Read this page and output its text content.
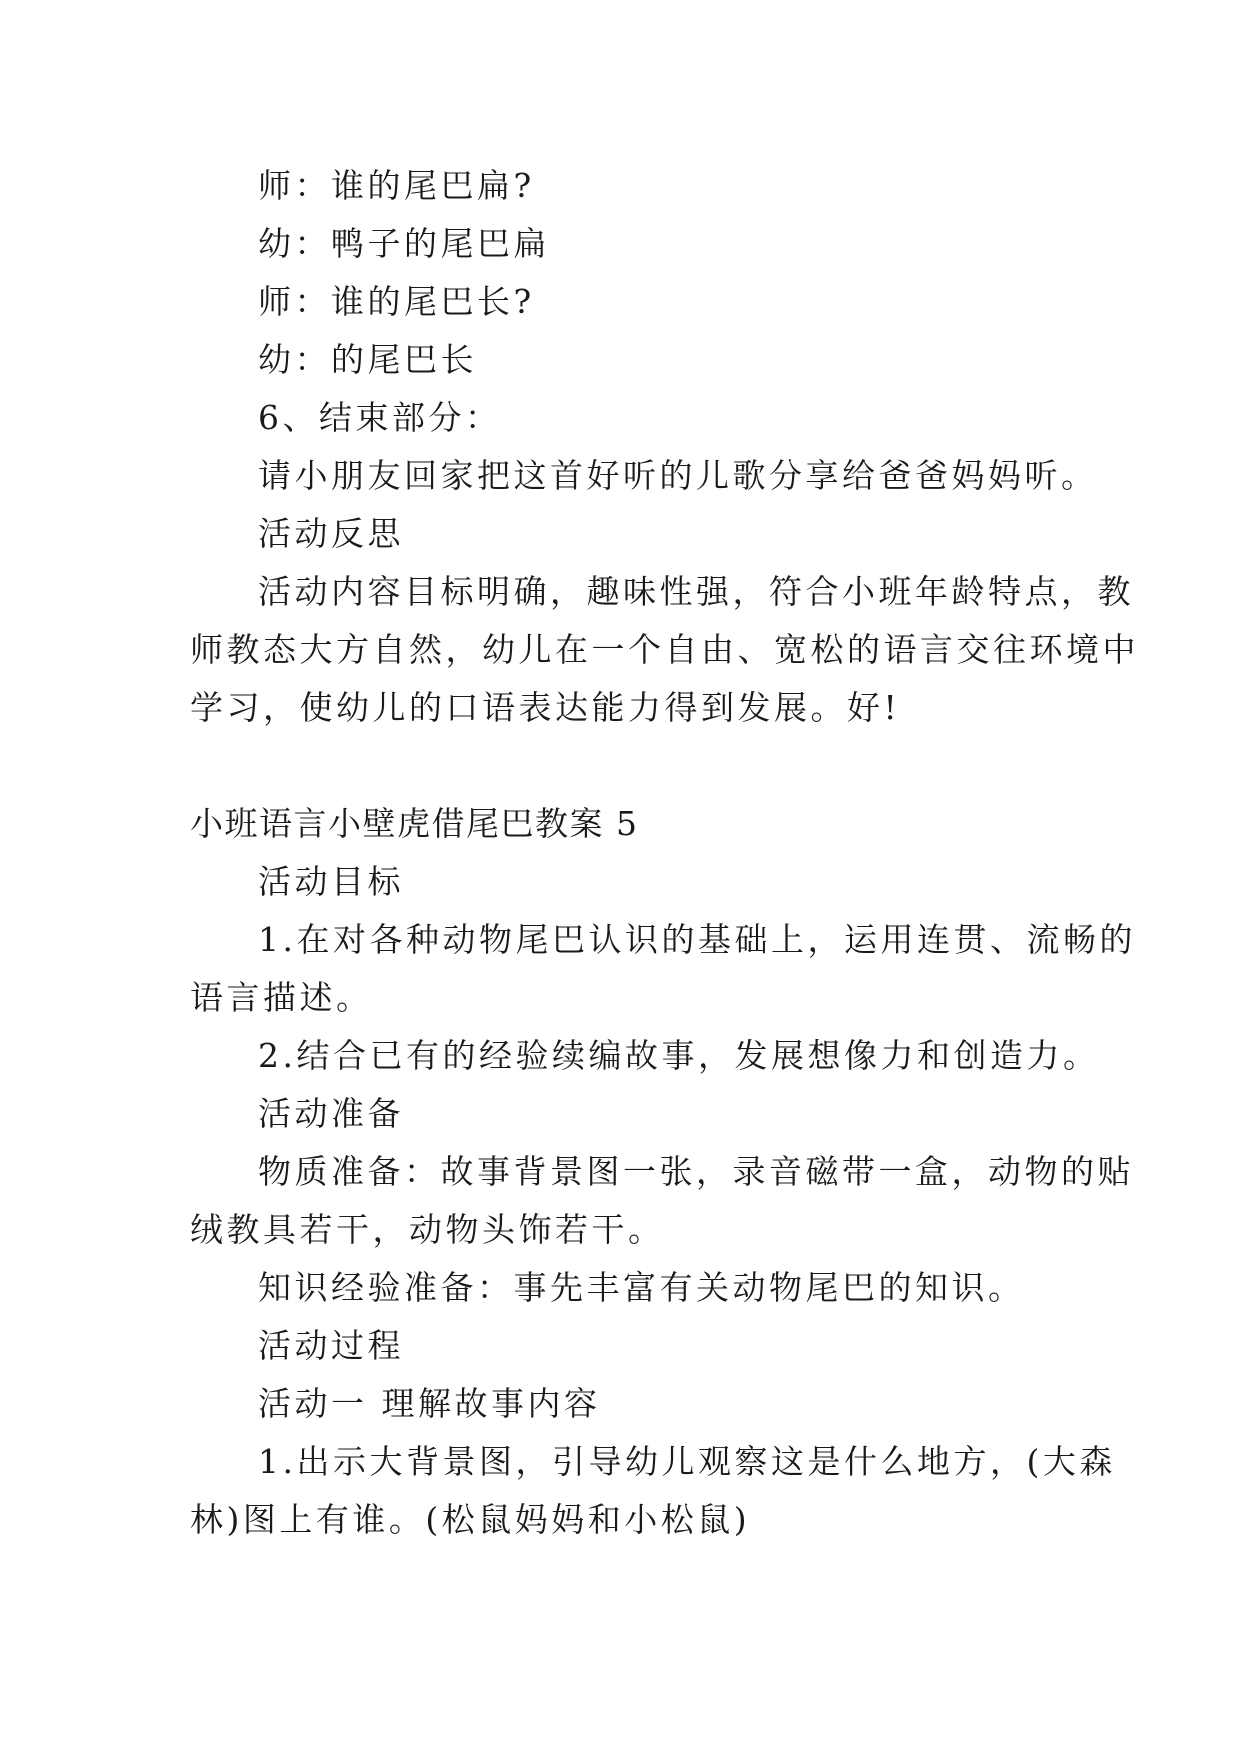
师：谁的尾巴扁?
幼：鸭子的尾巴扁
师：谁的尾巴长?
幼：的尾巴长
6、结束部分：
请小朋友回家把这首好听的儿歌分享给爸爸妈妈听。
活动反思
活动内容目标明确，趣味性强，符合小班年龄特点，教
师教态大方自然，幼儿在一个自由、宽松的语言交往环境中
学习，使幼儿的口语表达能力得到发展。好!
小班语言小壁虎借尾巴教案 5
活动目标
1.在对各种动物尾巴认识的基础上，运用连贯、流畅的
语言描述。
2.结合已有的经验续编故事，发展想像力和创造力。
活动准备
物质准备：故事背景图一张，录音磁带一盒，动物的贴
绒教具若干，动物头饰若干。
知识经验准备：事先丰富有关动物尾巴的知识。
活动过程
活动一 理解故事内容
1.出示大背景图，引导幼儿观察这是什么地方，(大森
林)图上有谁。(松鼠妈妈和小松鼠)
